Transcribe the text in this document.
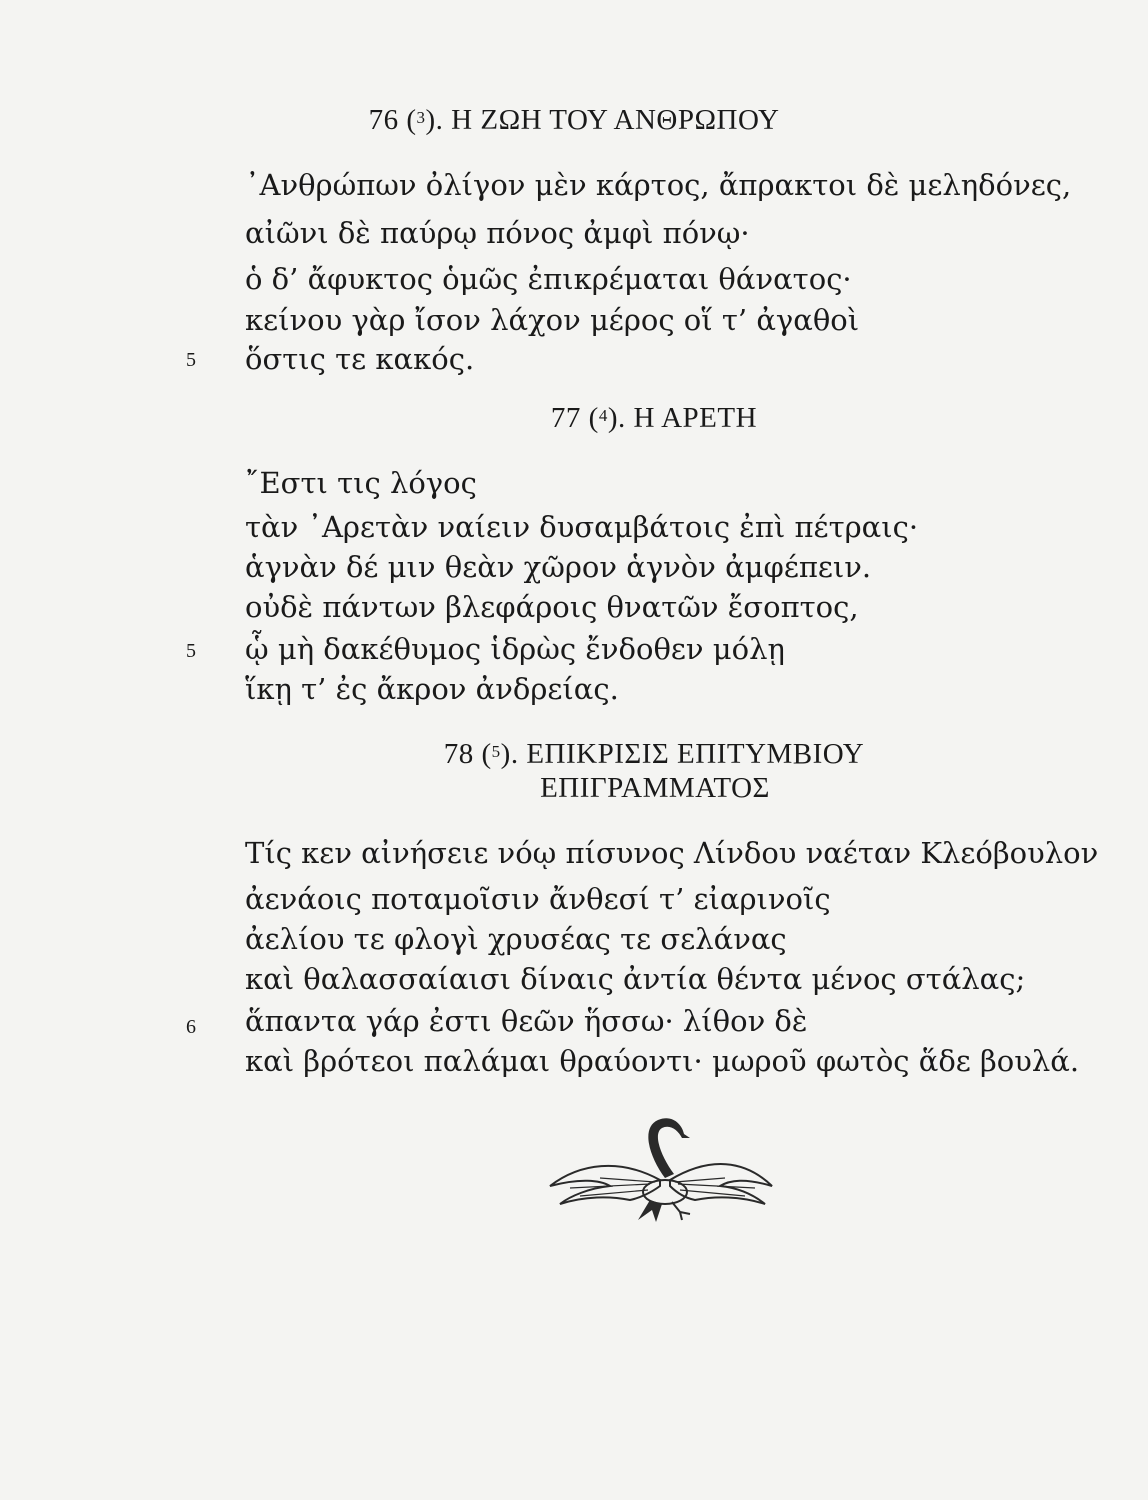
76 ($^3$). Η ΖΩΗ ΤΟΥ ΑΝΘΡΩΠΟΥ
᾿Ανθρώπων ὀλίγον μὲν κάρτος, ἄπρακτοι δὲ μεληδόνες,
αἰῶνι δὲ παύρῳ πόνος ἀμφὶ πόνῳ·
ὁ δ’ ἄφυκτος ὁμῶς ἐπικρέμαται θάνατος·
κείνου γὰρ ἴσον λάχον μέρος οἵ τ’ ἀγαθοὶ
5 ὅστις τε κακός.
77 ($^4$). Η ΑΡΕΤΗ
῎Εστι τις λόγος
τὰν ᾿Αρετὰν ναίειν δυσαμβάτοις ἐπὶ πέτραις·
ἁγνὰν δέ μιν θεὰν χῶρον ἁγνὸν ἀμφέπειν.
οὐδὲ πάντων βλεφάροις θνατῶν ἔσοπτος,
5 ᾧ μὴ δακέθυμος ἱδρὼς ἔνδοθεν μόλῃ
ἵκῃ τ’ ἐς ἄκρον ἀνδρείας.
78 ($^5$). ΕΠΙΚΡΙΣΙΣ ΕΠΙΤΥΜΒΙΟΥ
ΕΠΙΓΡΑΜΜΑΤΟΣ
Τίς κεν αἰνήσειε νόῳ πίσυνος Λίνδου ναέταν Κλεόβουλον
ἀενάοις ποταμοῖσιν ἄνθεσί τ’ εἰαρινοῖς
ἀελίου τε φλογὶ χρυσέας τε σελάνας
καὶ θαλασσαίαισι δίναις ἀντία θέντα μένος στάλας;
6 ἅπαντα γάρ ἐστι θεῶν ἥσσω· λίθον δὲ
καὶ βρότεοι παλάμαι θραύοντι· μωροῦ φωτὸς ἅδε βουλά.
